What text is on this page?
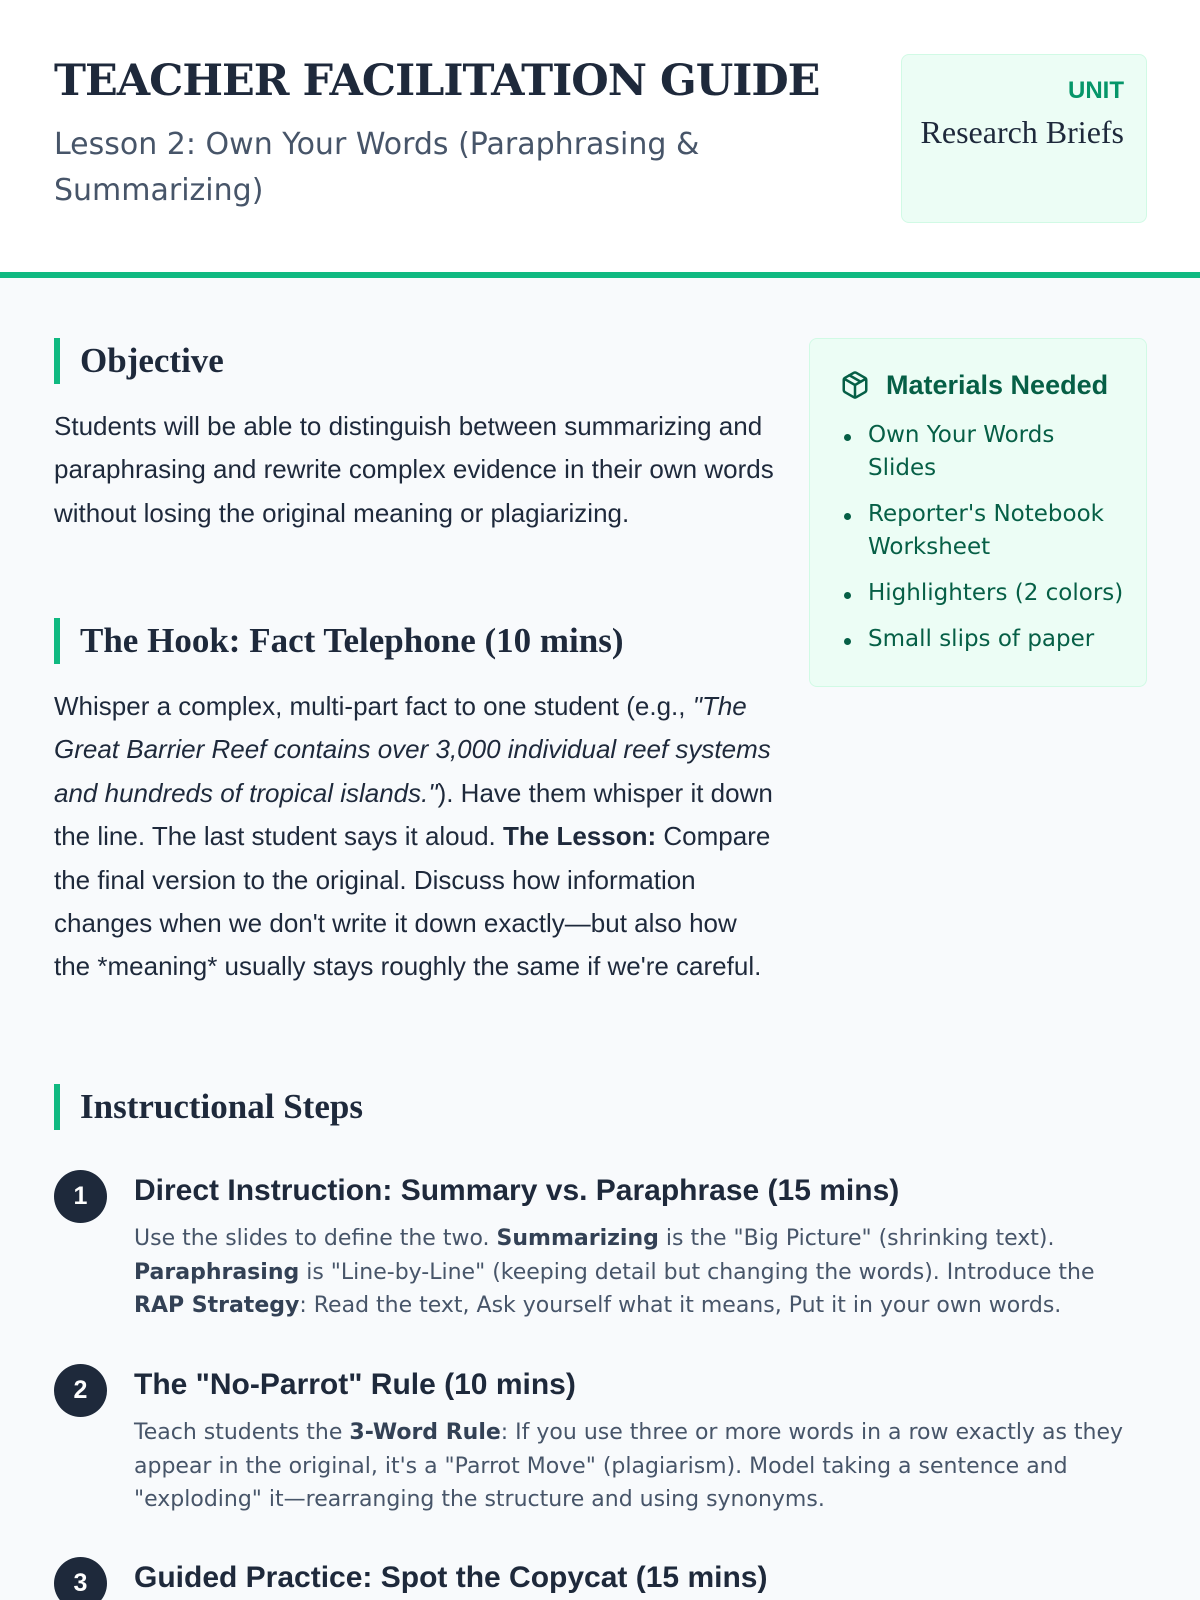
TEACHER FACILITATION GUIDE
Lesson 2: Own Your Words (Paraphrasing & Summarizing)
UNIT
Research Briefs
Objective

Students will be able to distinguish between summarizing and paraphrasing and rewrite complex evidence in their own words without losing the original meaning or plagiarizing.

The Hook: Fact Telephone (10 mins)

Whisper a complex, multi-part fact to one student (e.g., "The Great Barrier Reef contains over 3,000 individual reef systems and hundreds of tropical islands."). Have them whisper it down the line. The last student says it aloud. The Lesson: Compare the final version to the original. Discuss how information changes when we don't write it down exactly—but also how the *meaning* usually stays roughly the same if we're careful.

Materials Needed
Own Your Words Slides
Reporter's Notebook Worksheet
Highlighters (2 colors)
Small slips of paper
Instructional Steps
1	Direct Instruction: Summary vs. Paraphrase (15 mins)
Use the slides to define the two. Summarizing is the "Big Picture" (shrinking text). Paraphrasing is "Line-by-Line" (keeping detail but changing the words). Introduce the RAP Strategy: Read the text, Ask yourself what it means, Put it in your own words.
2	The "No-Parrot" Rule (10 mins)
Teach students the 3-Word Rule: If you use three or more words in a row exactly as they appear in the original, it's a "Parrot Move" (plagiarism). Model taking a sentence and "exploding" it—rearranging the structure and using synonyms.
3	Guided Practice: Spot the Copycat (15 mins)
